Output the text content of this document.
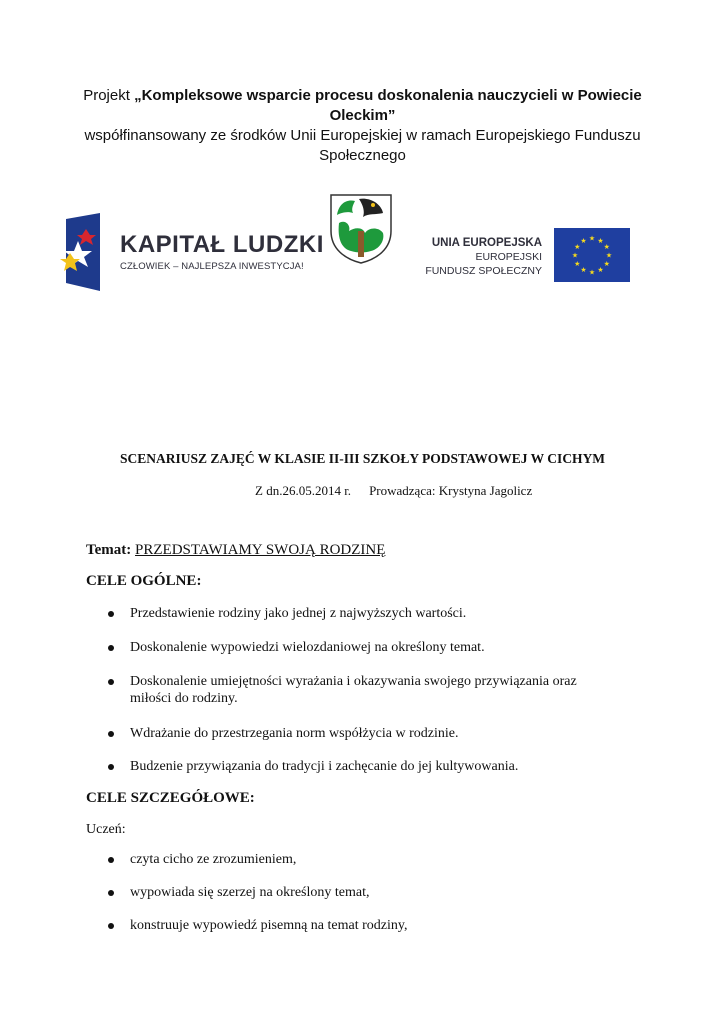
Projekt „Kompleksowe wsparcie procesu doskonalenia nauczycieli w Powiecie
Oleckim”
współfinansowany ze środków Unii Europejskiej w ramach Europejskiego Funduszu
Społecznego
KAPITAŁ LUDZKI
CZŁOWIEK – NAJLEPSZA INWESTYCJA!
UNIA EUROPEJSKA
EUROPEJSKI
FUNDUSZ SPOŁECZNY
★ ★
★
★
★
★
★
★
★
★
★
★
SCENARIUSZ ZAJĘĆ W KLASIE II-III SZKOŁY PODSTAWOWEJ W CICHYM
Z dn.26.05.2014 r. Prowadząca: Krystyna Jagolicz
Temat: PRZEDSTAWIAMY SWOJĄ RODZINĘ
CELE OGÓLNE:
Przedstawienie rodziny jako jednej z najwyższych wartości.
Doskonalenie wypowiedzi wielozdaniowej na określony temat.
Doskonalenie umiejętności wyrażania i okazywania swojego przywiązania oraz miłości do rodziny.
Wdrażanie do przestrzegania norm współżycia w rodzinie.
Budzenie przywiązania do tradycji i zachęcanie do jej kultywowania.
CELE SZCZEGÓŁOWE:
Uczeń:
czyta cicho ze zrozumieniem,
wypowiada się szerzej na określony temat,
konstruuje wypowiedź pisemną na temat rodziny,
